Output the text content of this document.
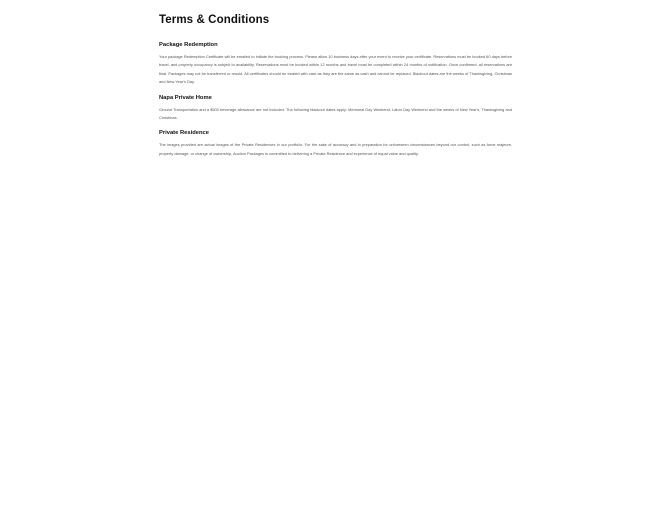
Terms & Conditions
Package Redemption

Your package Redemption Certificate will be emailed to initiate the booking process. Please allow 10 business days after your event to receive your certificate. Reservations must be booked 60 days before travel, and property occupancy is subject to availability. Reservations must be booked within 12 months and travel must be completed within 24 months of notification. Once confirmed, all reservations are final. Packages may not be transferred or resold. All certificates should be treated with care as they are the same as cash and cannot be replaced. Blackout dates are the weeks of Thanksgiving, Christmas and New Year's Day.

Napa Private Home

Ground Transportation and a $500 beverage allowance are not included. The following blackout dates apply: Memorial Day Weekend, Labor Day Weekend and the weeks of New Year's, Thanksgiving and Christmas.

Private Residence

The images provided are actual images of the Private Residences in our portfolio. For the sake of accuracy and in preparation for unforeseen circumstances beyond our control, such as force majeure, property damage, or change of ownership, Auction Packages is committed to delivering a Private Residence and experience of equal value and quality.
